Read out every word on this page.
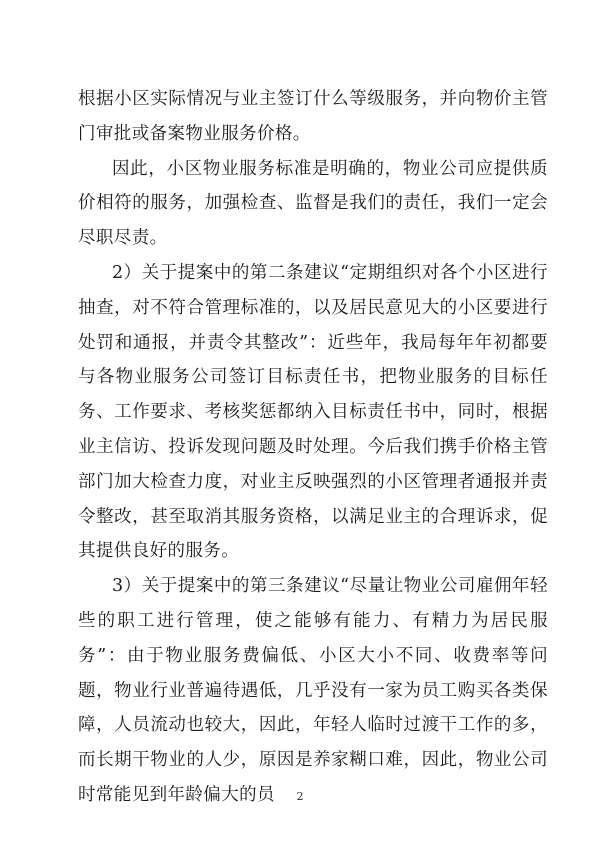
根据小区实际情况与业主签订什么等级服务，并向物价主管门审批或备案物业服务价格。

因此，小区物业服务标准是明确的，物业公司应提供质价相符的服务，加强检查、监督是我们的责任，我们一定会尽职尽责。

2）关于提案中的第二条建议“定期组织对各个小区进行抽查，对不符合管理标准的，以及居民意见大的小区要进行处罚和通报，并责令其整改”：近些年，我局每年年初都要与各物业服务公司签订目标责任书，把物业服务的目标任务、工作要求、考核奖惩都纳入目标责任书中，同时，根据业主信访、投诉发现问题及时处理。今后我们携手价格主管部门加大检查力度，对业主反映强烈的小区管理者通报并责令整改，甚至取消其服务资格，以满足业主的合理诉求，促其提供良好的服务。

3）关于提案中的第三条建议“尽量让物业公司雇佣年轻些的职工进行管理，使之能够有能力、有精力为居民服务”：由于物业服务费偏低、小区大小不同、收费率等问题，物业行业普遍待遇低，几乎没有一家为员工购买各类保障，人员流动也较大，因此，年轻人临时过渡干工作的多，而长期干物业的人少，原因是养家糊口难，因此，物业公司时常能见到年龄偏大的员	2
